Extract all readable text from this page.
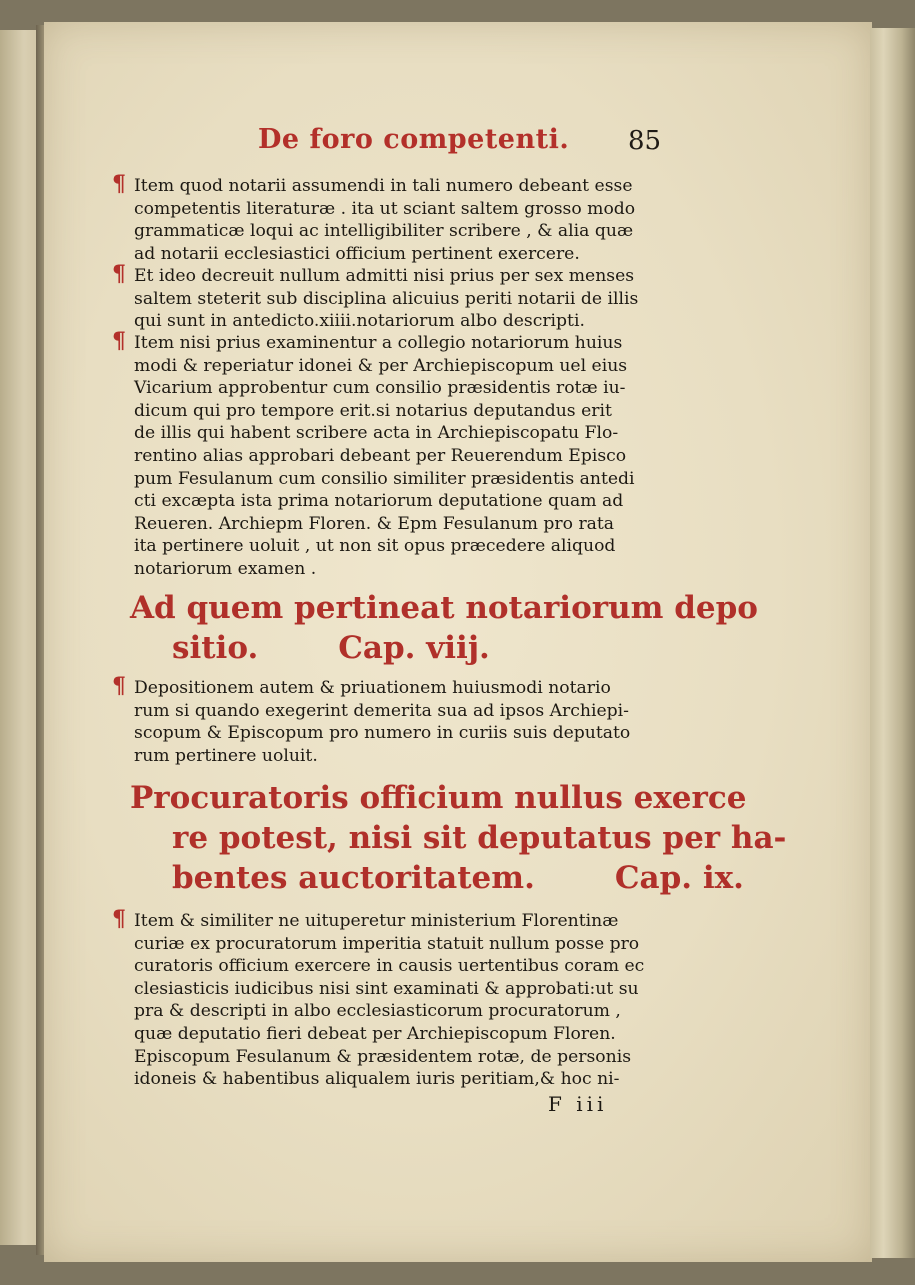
De foro competenti. 85
¶ Item quod notarii assumendi in tali numero debeant esse
competentis literaturæ . ita ut sciant saltem grosso modo
grammaticæ loqui ac intelligibiliter scribere , & alia quæ
ad notarii ecclesiastici officium pertinent exercere.
¶ Et ideo decreuit nullum admitti nisi prius per sex menses
saltem steterit sub disciplina alicuius periti notarii de illis
qui sunt in antedicto.xiiii.notariorum albo descripti.
¶ Item nisi prius examinentur a collegio notariorum huius
modi & reperiatur idonei & per Archiepiscopum uel eius
Vicarium approbentur cum consilio præsidentis rotæ iu-
dicum qui pro tempore erit.si notarius deputandus erit
de illis qui habent scribere acta in Archiepiscopatu Flo-
rentino alias approbari debeant per Reuerendum Episco
pum Fesulanum cum consilio similiter præsidentis antedi
cti excæpta ista prima notariorum deputatione quam ad
Reueren. Archiepm Floren. & Epm Fesulanum pro rata
ita pertinere uoluit , ut non sit opus præcedere aliquod
notariorum examen .
Ad quem pertineat notariorum depo
sitio.	Cap. viij.
¶ Depositionem autem & priuationem huiusmodi notario
rum si quando exegerint demerita sua ad ipsos Archiepi-
scopum & Episcopum pro numero in curiis suis deputato
rum pertinere uoluit.
Procuratoris officium nullus exerce
re potest, nisi sit deputatus per ha-
bentes auctoritatem.	Cap. ix.
¶ Item & similiter ne uituperetur ministerium Florentinæ
curiæ ex procuratorum imperitia statuit nullum posse pro
curatoris officium exercere in causis uertentibus coram ec
clesiasticis iudicibus nisi sint examinati & approbati:ut su
pra & descripti in albo ecclesiasticorum procuratorum ,
quæ deputatio fieri debeat per Archiepiscopum Floren.
Episcopum Fesulanum & præsidentem rotæ, de personis
idoneis & habentibus aliqualem iuris peritiam,& hoc ni-
F iii
